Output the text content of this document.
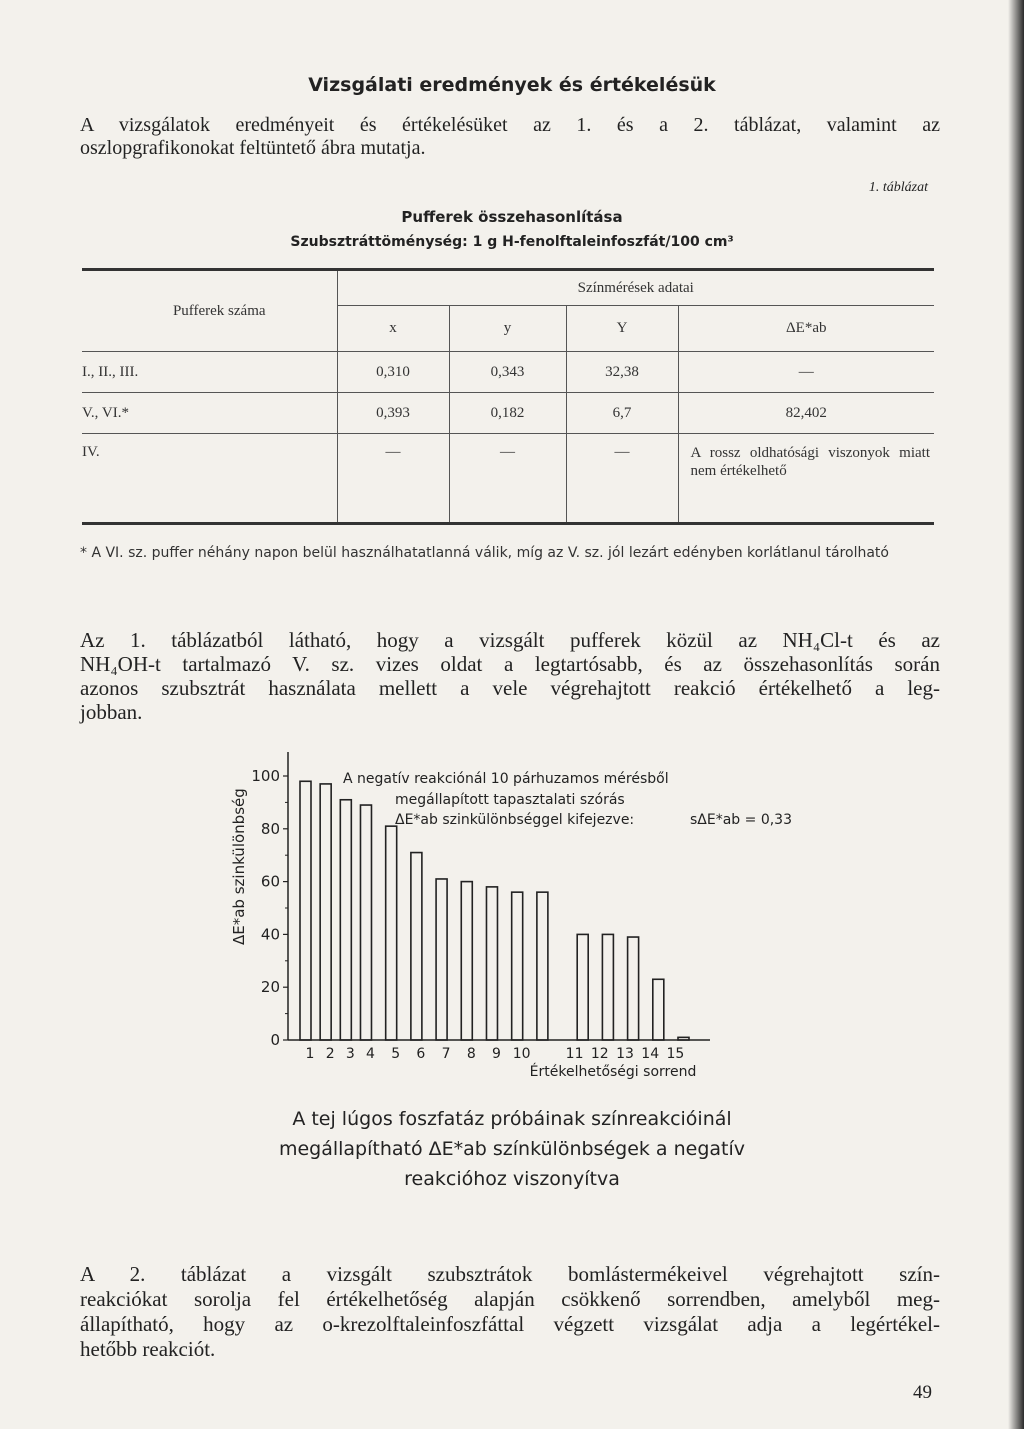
Vizsgálati eredmények és értékelésük
A vizsgálatok eredményeit és értékelésüket az 1. és a 2. táblázat, valamint az
oszlopgrafikonokat feltüntető ábra mutatja.
1. táblázat
Pufferek összehasonlítása
Szubsztráttöménység: 1 g H-fenolftaleinfoszfát/100 cm³
Pufferek száma	Színmérések adatai			
	x	y	Y	ΔE*ab
I., II., III.	0,310	0,343	32,38	—
V., VI.*	0,393	0,182	6,7	82,402
IV.	—	—	—	A rossz oldhatósági viszonyok miatt nem értékelhető
* A VI. sz. puffer néhány napon belül használhatatlanná válik, míg az V. sz. jól lezárt edényben korlátlanul tárolható
Az 1. táblázatból látható, hogy a vizsgált pufferek közül az NH₄Cl-t és az
NH₄OH-t tartalmazó V. sz. vizes oldat a legtartósabb, és az összehasonlítás során
azonos szubsztrát használata mellett a vele végrehajtott reakció értékelhető a leg-
jobban.
100
80
60
40
20
0
1 2 3 4 5 6 7 8 9 10	11 12 13 14 15
ΔE*ab szinkülönbség
Értékelhetőségi sorrend
A negatív reakciónál 10 párhuzamos mérésből
megállapított tapasztalati szórás
ΔE*ab szinkülönbséggel kifejezve:	sΔE*ab = 0,33
A tej lúgos foszfatáz próbáinak színreakcióinál
megállapítható ΔE*ab színkülönbségek a negatív
reakcióhoz viszonyítva
A 2. táblázat a vizsgált szubsztrátok bomlástermékeivel végrehajtott szín-
reakciókat sorolja fel értékelhetőség alapján csökkenő sorrendben, amelyből meg-
állapítható, hogy az o-krezolftaleinfoszfáttal végzett vizsgálat adja a legértékel-
hetőbb reakciót.
49
